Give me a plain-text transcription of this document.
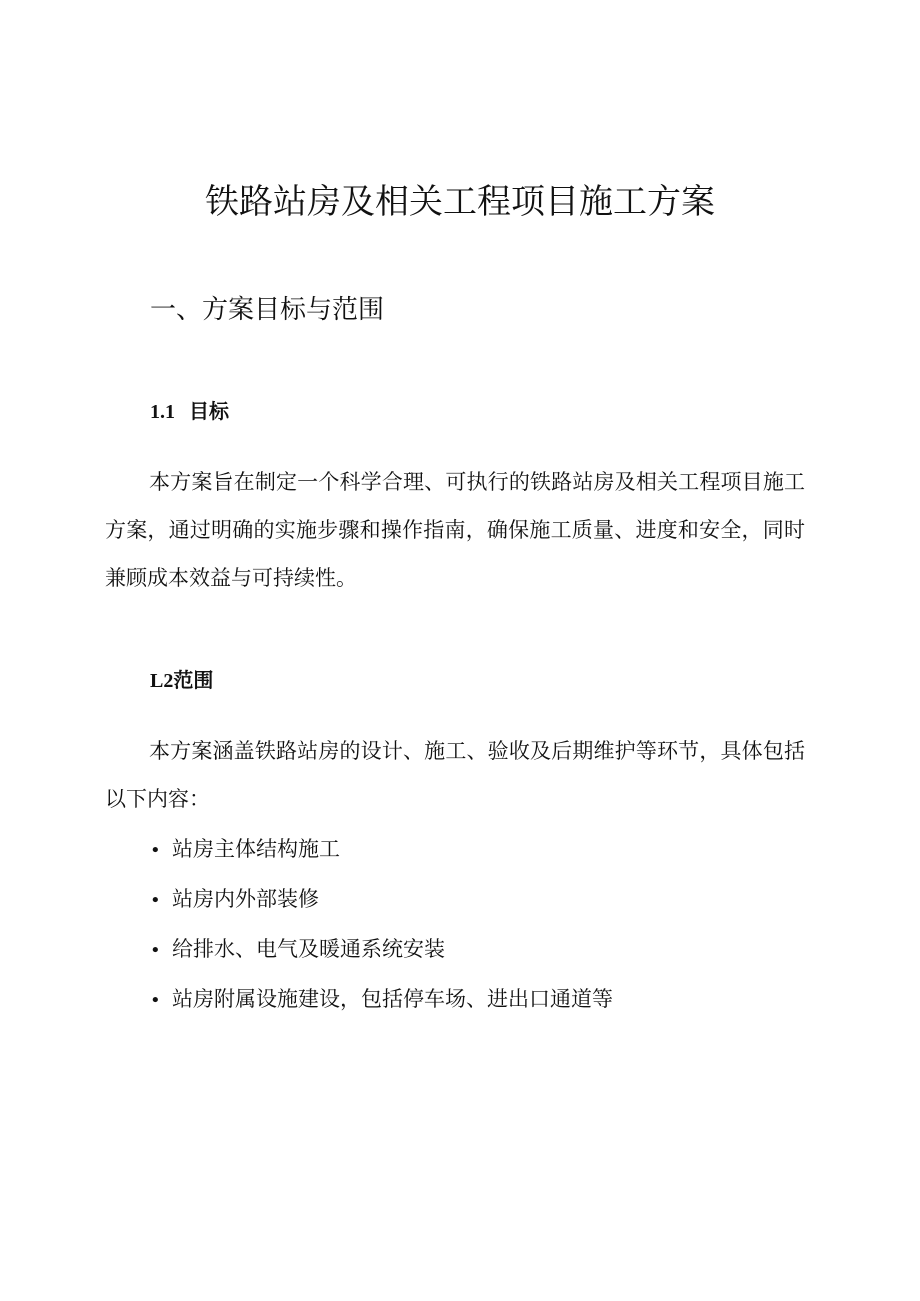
铁路站房及相关工程项目施工方案
一、方案目标与范围
1.1 目标

本方案旨在制定一个科学合理、可执行的铁路站房及相关工程项目施工方案，通过明确的实施步骤和操作指南，确保施工质量、进度和安全，同时兼顾成本效益与可持续性。

L2范围

本方案涵盖铁路站房的设计、施工、验收及后期维护等环节，具体包括以下内容：

• 站房主体结构施工
• 站房内外部装修
• 给排水、电气及暖通系统安装
• 站房附属设施建设，包括停车场、进出口通道等
